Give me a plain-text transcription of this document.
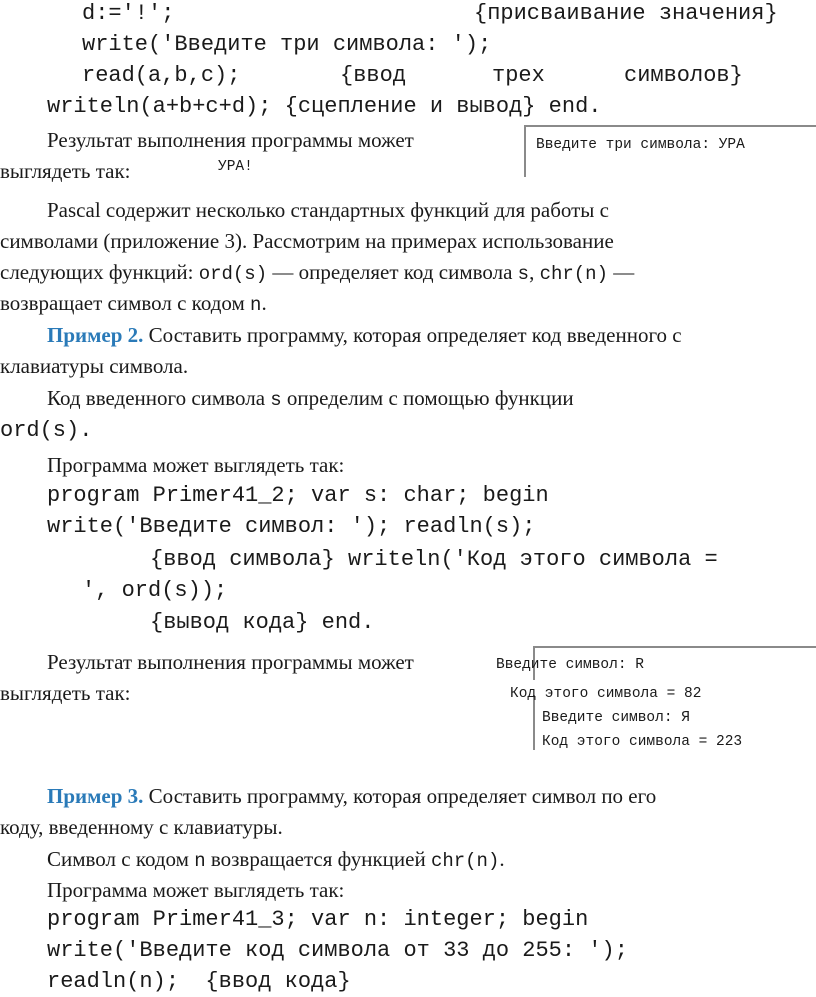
d:='!';	{присваивание значения}
write('Введите три символа: ');
read(a,b,c);	{ввод	трех	символов}
writeln(a+b+c+d); {сцепление и вывод} end.
Результат выполнения программы может
выглядеть так:
Введите три символа: УРА
УРА!
Pascal содержит несколько стандартных функций для работы с
символами (приложение 3). Рассмотрим на примерах использование
следующих функций: ord(s) — определяет код символа s, chr(n) —
возвращает символ с кодом n.
Пример 2. Составить программу, которая определяет код введенного с
клавиатуры символа.
Код введенного символа s определим с помощью функции
ord(s).
Программа может выглядеть так:
program Primer41_2; var s: char; begin
write('Введите символ: '); readln(s);
{ввод символа} writeln('Код этого символа =
', ord(s));
{вывод кода} end.
Результат выполнения программы может
выглядеть так:
Введите символ: R
Код этого символа = 82
Введите символ: Я
Код этого символа = 223
Пример 3. Составить программу, которая определяет символ по его
коду, введенному с клавиатуры.
Символ с кодом n возвращается функцией chr(n).
Программа может выглядеть так:
program Primer41_3; var n: integer; begin
write('Введите код символа от 33 до 255: ');
readln(n);  {ввод кода}
